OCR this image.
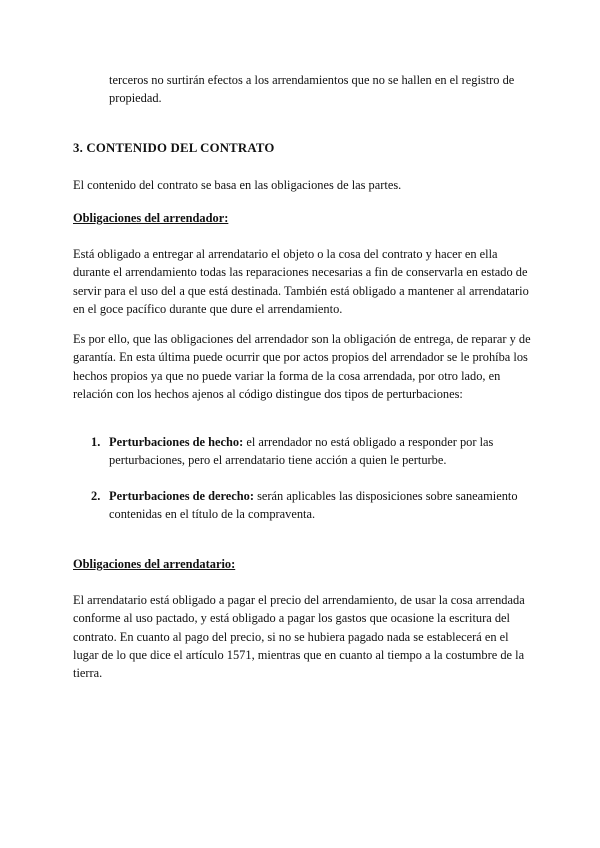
terceros no surtirán efectos a los arrendamientos que no se hallen en el registro de propiedad.

3. CONTENIDO DEL CONTRATO

El contenido del contrato se basa en las obligaciones de las partes.

Obligaciones del arrendador:

Está obligado a entregar al arrendatario el objeto o la cosa del contrato y hacer en ella durante el arrendamiento todas las reparaciones necesarias a fin de conservarla en estado de servir para el uso del a que está destinada. También está obligado a mantener al arrendatario en el goce pacífico durante que dure el arrendamiento.

Es por ello, que las obligaciones del arrendador son la obligación de entrega, de reparar y de garantía. En esta última puede ocurrir que por actos propios del arrendador se le prohíba los hechos propios ya que no puede variar la forma de la cosa arrendada, por otro lado, en relación con los hechos ajenos al código distingue dos tipos de perturbaciones:

1. Perturbaciones de hecho: el arrendador no está obligado a responder por las perturbaciones, pero el arrendatario tiene acción a quien le perturbe.
2. Perturbaciones de derecho: serán aplicables las disposiciones sobre saneamiento contenidas en el título de la compraventa.
Obligaciones del arrendatario:

El arrendatario está obligado a pagar el precio del arrendamiento, de usar la cosa arrendada conforme al uso pactado, y está obligado a pagar los gastos que ocasione la escritura del contrato. En cuanto al pago del precio, si no se hubiera pagado nada se establecerá en el lugar de lo que dice el artículo 1571, mientras que en cuanto al tiempo a la costumbre de la tierra.
